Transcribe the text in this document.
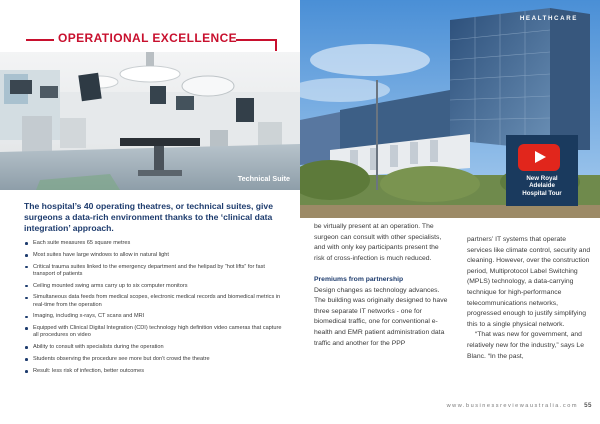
OPERATIONAL EXCELLENCE
Technical Suite
The hospital’s 40 operating theatres, or technical suites, give surgeons a data-rich environment thanks to the ‘clinical data integration’ approach.
Each suite measures 65 square metres
Most suites have large windows to allow in natural light
Critical trauma suites linked to the emergency department and the helipad by “hot lifts” for fast transport of patients
Ceiling mounted swing arms carry up to six computer monitors
Simultaneous data feeds from medical scopes, electronic medical records and biomedical metrics in real-time from the operation
Imaging, including x-rays, CT scans and MRI
Equipped with Clinical Digital Integration (CDI) technology high definition video cameras that capture all procedures on video
Ability to consult with specialists during the operation
Students observing the procedure see more but don’t crowd the theatre
Result: less risk of infection, better outcomes
HEALTHCARE
New Royal
Adelaide
Hospital Tour

be virtually present at an operation. The surgeon can consult with other specialists, and with only key participants present the risk of cross-infection is much reduced.

Premiums from partnership

Design changes as technology advances. The building was originally designed to have three separate IT networks - one for biomedical traffic, one for conventional e-health and EMR patient administration data traffic and another for the PPP

partners’ IT systems that operate services like climate control, security and cleaning. However, over the construction period, Multiprotocol Label Switching (MPLS) technology, a data-carrying technique for high-performance telecommunications networks, progressed enough to justify simplifying this to a single physical network.

“That was new for government, and relatively new for the industry,” says Le Blanc. “In the past,

www.businessreviewaustralia.com 55
